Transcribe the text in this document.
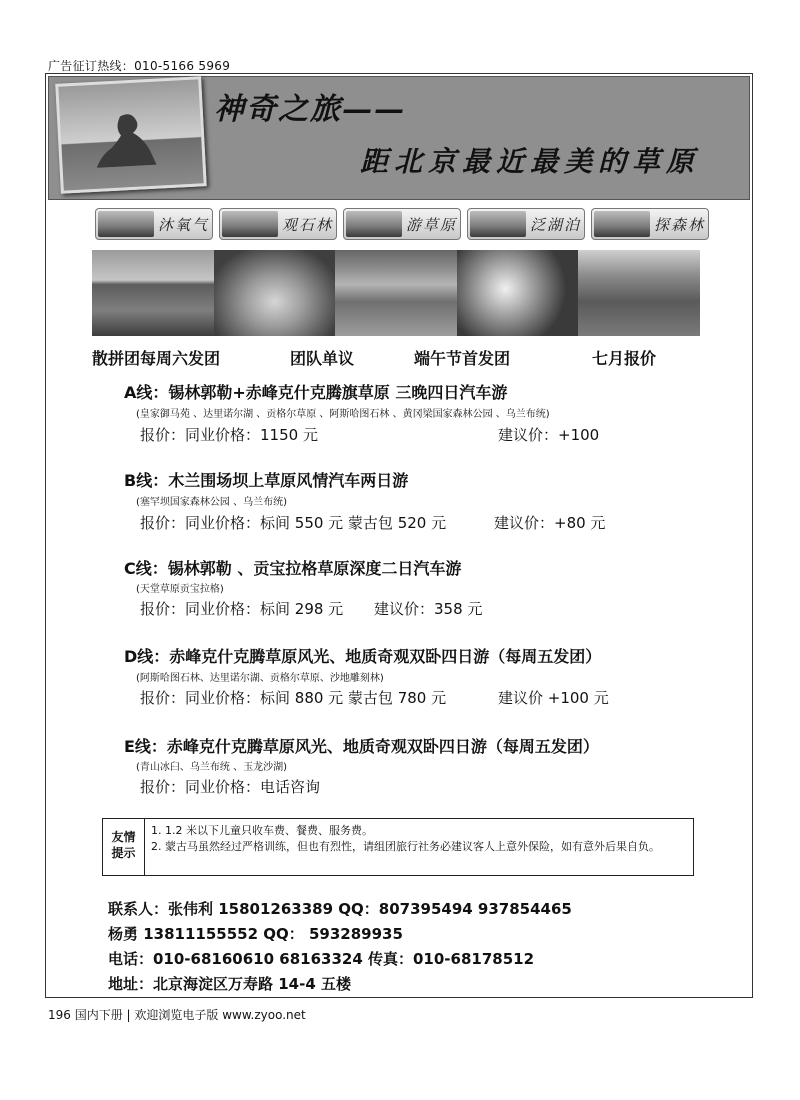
广告征订热线：010-5166 5969
神奇之旅——
距北京最近最美的草原
沐氧气	观石林	游草原	泛湖泊	探森林
散拼团每周六发团	团队单议	端午节首发团	七月报价
A线：锡林郭勒+赤峰克什克腾旗草原 三晚四日汽车游
(皇家御马苑 、达里诺尔湖 、贡格尔草原 、阿斯哈图石林 、黄冈梁国家森林公园 、乌兰布统)
报价：同业价格：1150 元	建议价：+100
B线：木兰围场坝上草原风情汽车两日游
(塞罕坝国家森林公园 、乌兰布统)
报价：同业价格：标间 550 元 蒙古包 520 元	建议价：+80 元
C线：锡林郭勒 、贡宝拉格草原深度二日汽车游
(天堂草原贡宝拉格)
报价：同业价格：标间 298 元 建议价：358 元
D线：赤峰克什克腾草原风光、地质奇观双卧四日游（每周五发团）
(阿斯哈图石林、达里诺尔湖、贡格尔草原、沙地雕刻林)
报价：同业价格：标间 880 元 蒙古包 780 元	建议价 +100 元
E线：赤峰克什克腾草原风光、地质奇观双卧四日游（每周五发团）
(青山冰臼、乌兰布统 、玉龙沙湖)
报价：同业价格：电话咨询
友情
提示
1. 1.2 米以下儿童只收车费、餐费、服务费。
2. 蒙古马虽然经过严格训练，但也有烈性，请组团旅行社务必建议客人上意外保险，如有意外后果自负。
联系人：张伟利 15801263389 QQ：807395494 937854465
杨勇 13811155552 QQ： 593289935
电话：010-68160610 68163324 传真：010-68178512
地址：北京海淀区万寿路 14-4 五楼
196 国内下册 | 欢迎浏览电子版 www.zyoo.net
